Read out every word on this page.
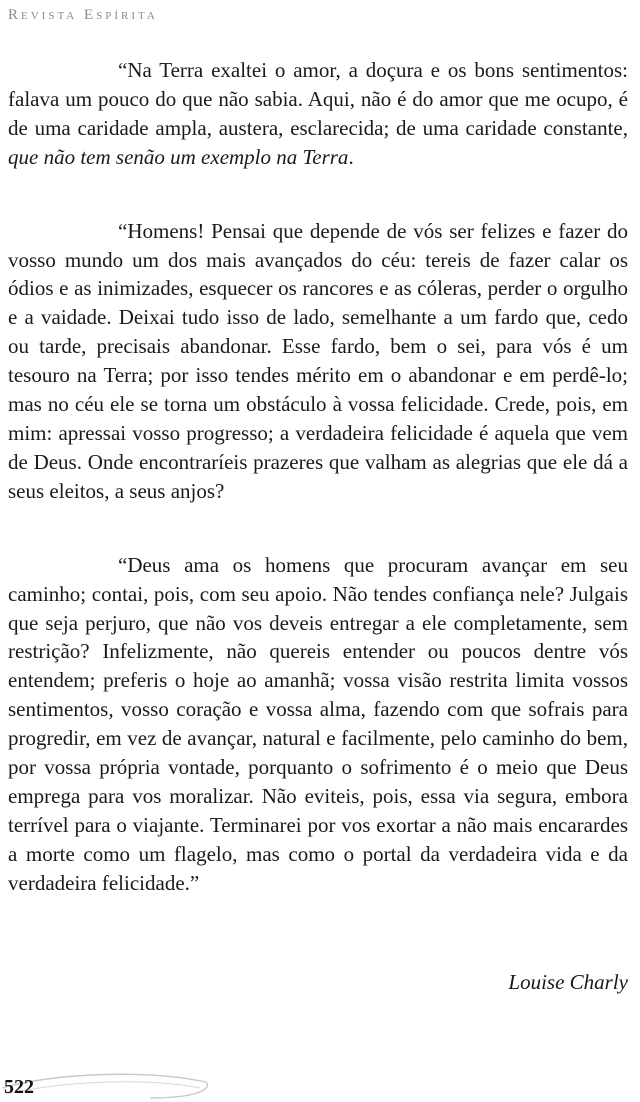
Revista Espírita

“Na Terra exaltei o amor, a doçura e os bons sentimentos: falava um pouco do que não sabia. Aqui, não é do amor que me ocupo, é de uma caridade ampla, austera, esclarecida; de uma caridade constante, que não tem senão um exemplo na Terra.

“Homens! Pensai que depende de vós ser felizes e fazer do vosso mundo um dos mais avançados do céu: tereis de fazer calar os ódios e as inimizades, esquecer os rancores e as cóleras, perder o orgulho e a vaidade. Deixai tudo isso de lado, semelhante a um fardo que, cedo ou tarde, precisais abandonar. Esse fardo, bem o sei, para vós é um tesouro na Terra; por isso tendes mérito em o abandonar e em perdê-lo; mas no céu ele se torna um obstáculo à vossa felicidade. Crede, pois, em mim: apressai vosso progresso; a verdadeira felicidade é aquela que vem de Deus. Onde encontraríeis prazeres que valham as alegrias que ele dá a seus eleitos, a seus anjos?

“Deus ama os homens que procuram avançar em seu caminho; contai, pois, com seu apoio. Não tendes confiança nele? Julgais que seja perjuro, que não vos deveis entregar a ele completamente, sem restrição? Infelizmente, não quereis entender ou poucos dentre vós entendem; preferis o hoje ao amanhã; vossa visão restrita limita vossos sentimentos, vosso coração e vossa alma, fazendo com que sofrais para progredir, em vez de avançar, natural e facilmente, pelo caminho do bem, por vossa própria vontade, porquanto o sofrimento é o meio que Deus emprega para vos moralizar. Não eviteis, pois, essa via segura, embora terrível para o viajante. Terminarei por vos exortar a não mais encarardes a morte como um flagelo, mas como o portal da verdadeira vida e da verdadeira felicidade.”

Louise Charly
522
